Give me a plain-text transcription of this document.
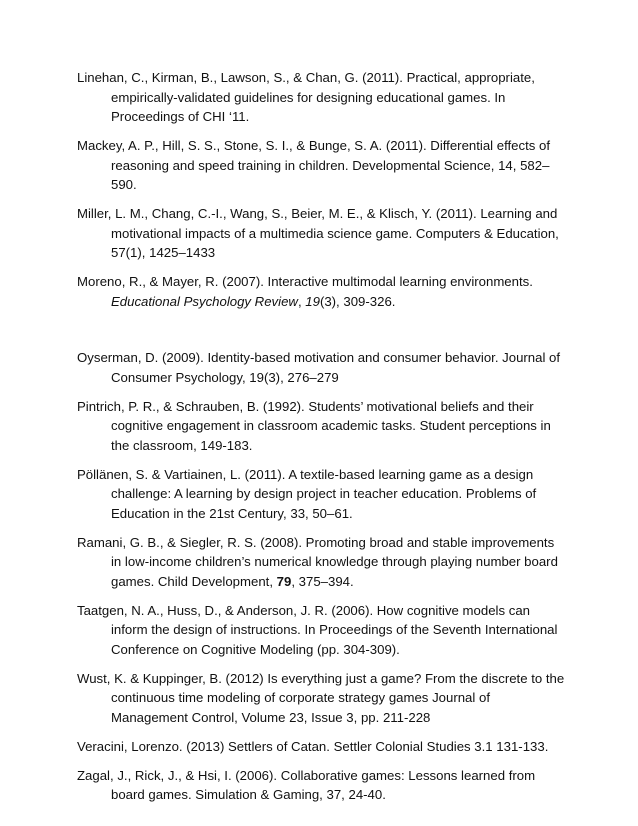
Linehan, C., Kirman, B., Lawson, S., & Chan, G. (2011). Practical, appropriate, empirically-validated guidelines for designing educational games. In Proceedings of CHI ‘11.

Mackey, A. P., Hill, S. S., Stone, S. I., & Bunge, S. A. (2011). Differential effects of reasoning and speed training in children. Developmental Science, 14, 582–590.

Miller, L. M., Chang, C.-I., Wang, S., Beier, M. E., & Klisch, Y. (2011). Learning and motivational impacts of a multimedia science game. Computers & Education, 57(1), 1425–1433

Moreno, R., & Mayer, R. (2007). Interactive multimodal learning environments. Educational Psychology Review, 19(3), 309-326.

Oyserman, D. (2009). Identity-based motivation and consumer behavior. Journal of Consumer Psychology, 19(3), 276–279

Pintrich, P. R., & Schrauben, B. (1992). Students’ motivational beliefs and their cognitive engagement in classroom academic tasks. Student perceptions in the classroom, 149-183.

Pöllänen, S. & Vartiainen, L. (2011). A textile-based learning game as a design challenge: A learning by design project in teacher education. Problems of Education in the 21st Century, 33, 50–61.

Ramani, G. B., & Siegler, R. S. (2008). Promoting broad and stable improvements in low-income children’s numerical knowledge through playing number board games. Child Development, 79, 375–394.

Taatgen, N. A., Huss, D., & Anderson, J. R. (2006). How cognitive models can inform the design of instructions. In Proceedings of the Seventh International Conference on Cognitive Modeling (pp. 304-309).

Wust, K. & Kuppinger, B. (2012) Is everything just a game? From the discrete to the continuous time modeling of corporate strategy games Journal of Management Control, Volume 23, Issue 3, pp. 211-228

Veracini, Lorenzo. (2013) Settlers of Catan. Settler Colonial Studies 3.1 131-133.

Zagal, J., Rick, J., & Hsi, I. (2006). Collaborative games: Lessons learned from board games. Simulation & Gaming, 37, 24-40.
